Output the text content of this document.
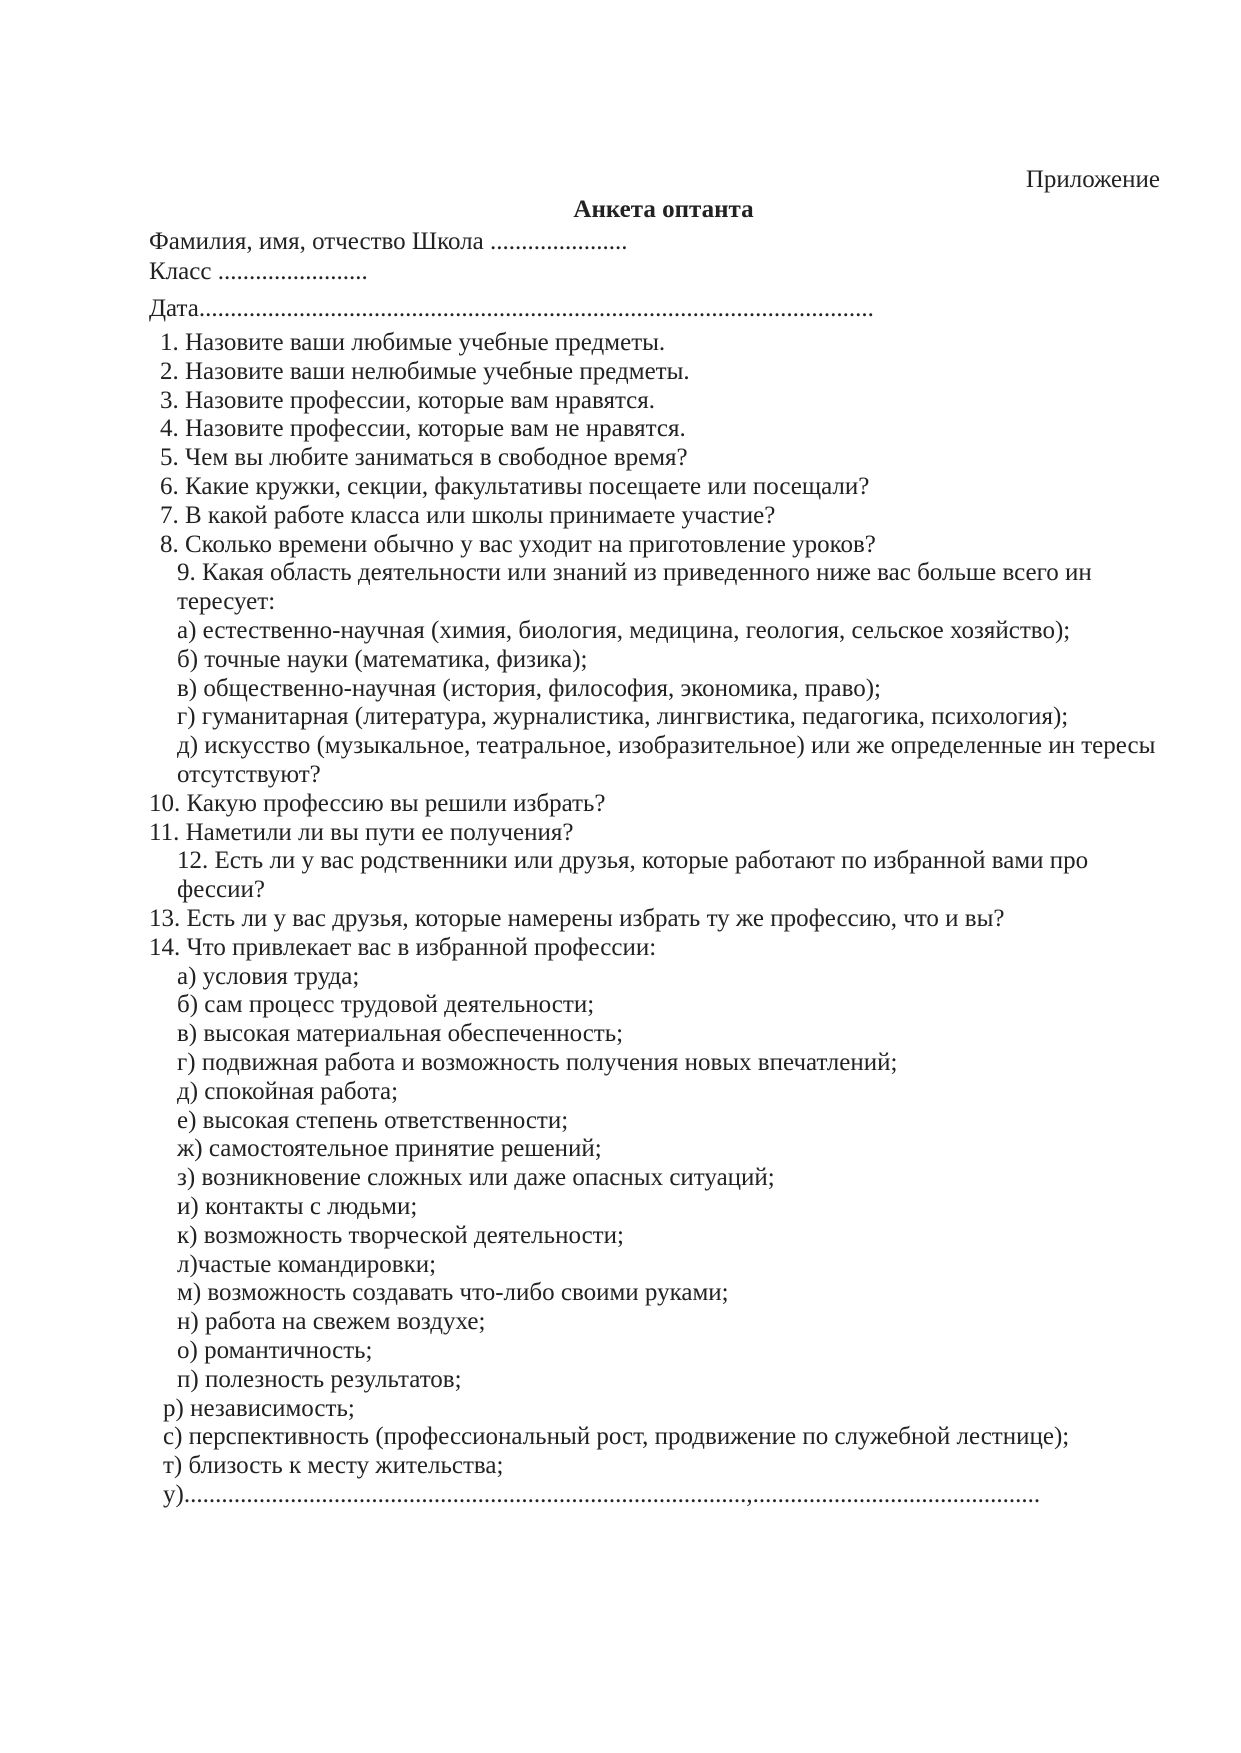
Приложение
Анкета оптанта
Фамилия, имя, отчество Школа ......................
Класс ........................
Дата............................................................................................................
1. Назовите ваши любимые учебные предметы.
2. Назовите ваши нелюбимые учебные предметы.
3. Назовите профессии, которые вам нравятся.
4. Назовите профессии, которые вам не нравятся.
5. Чем вы любите заниматься в свободное время?
6. Какие кружки, секции, факультативы посещаете или посещали?
7. В какой работе класса или школы принимаете участие?
8. Сколько времени обычно у вас уходит на приготовление уроков?
9. Какая область деятельности или знаний из приведенного ниже вас больше всего ин
тересует:
а) естественно-научная (химия, биология, медицина, геология, сельское хозяйство);
б) точные науки (математика, физика);
в) общественно-научная (история, философия, экономика, право);
г) гуманитарная (литература, журналистика, лингвистика, педагогика, психология);
д) искусство (музыкальное, театральное, изобразительное) или же определенные ин тересы
отсутствуют?
10. Какую профессию вы решили избрать?
11. Наметили ли вы пути ее получения?
12. Есть ли у вас родственники или друзья, которые работают по избранной вами про
фессии?
13. Есть ли у вас друзья, которые намерены избрать ту же профессию, что и вы?
14. Что привлекает вас в избранной профессии:
а) условия труда;
б) сам процесс трудовой деятельности;
в) высокая материальная обеспеченность;
г) подвижная работа и возможность получения новых впечатлений;
д) спокойная работа;
е) высокая степень ответственности;
ж) самостоятельное принятие решений;
з) возникновение сложных или даже опасных ситуаций;
и) контакты с людьми;
к) возможность творческой деятельности;
л)частые командировки;
м) возможность создавать что-либо своими руками;
н) работа на свежем воздухе;
о) романтичность;
п) полезность результатов;
р) независимость;
с) перспективность (профессиональный рост, продвижение по служебной лестнице);
т) близость к месту жительства;
у)..........................................................................................,..............................................
